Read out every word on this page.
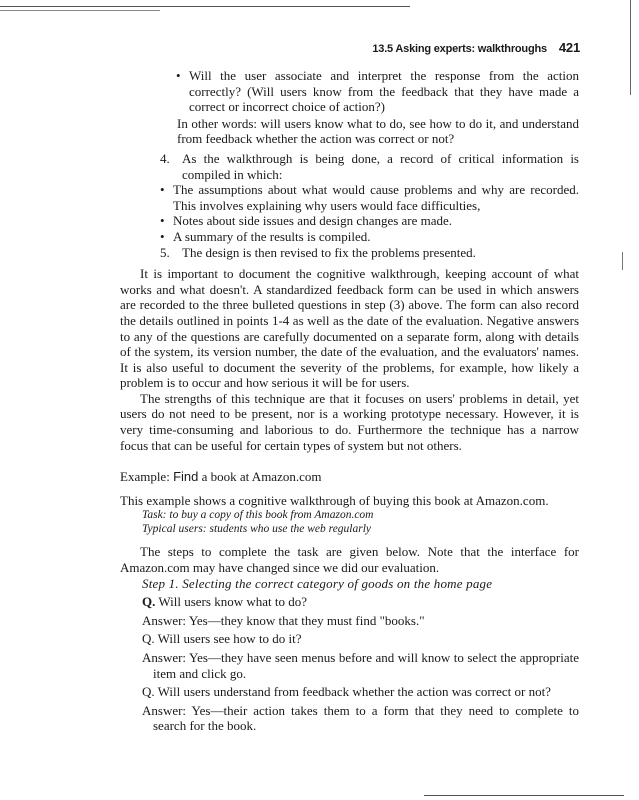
13.5 Asking experts: walkthroughs 421

• Will the user associate and interpret the response from the action correctly? (Will users know from the feedback that they have made a correct or incorrect choice of action?)

In other words: will users know what to do, see how to do it, and understand from feedback whether the action was correct or not?

4. As the walkthrough is being done, a record of critical information is compiled in which:

• The assumptions about what would cause problems and why are recorded. This involves explaining why users would face difficulties,

• Notes about side issues and design changes are made.

• A summary of the results is compiled.

5. The design is then revised to fix the problems presented.

It is important to document the cognitive walkthrough, keeping account of what works and what doesn't. A standardized feedback form can be used in which answers are recorded to the three bulleted questions in step (3) above. The form can also record the details outlined in points 1-4 as well as the date of the evaluation. Negative answers to any of the questions are carefully documented on a separate form, along with details of the system, its version number, the date of the evaluation, and the evaluators' names. It is also useful to document the severity of the problems, for example, how likely a problem is to occur and how serious it will be for users.

The strengths of this technique are that it focuses on users' problems in detail, yet users do not need to be present, nor is a working prototype necessary. However, it is very time-consuming and laborious to do. Furthermore the technique has a narrow focus that can be useful for certain types of system but not others.

Example: Find a book at Amazon.com

This example shows a cognitive walkthrough of buying this book at Amazon.com.

Task: to buy a copy of this book from Amazon.com

Typical users: students who use the web regularly

The steps to complete the task are given below. Note that the interface for Amazon.com may have changed since we did our evaluation.

Step 1. Selecting the correct category of goods on the home page

Q. Will users know what to do?

Answer: Yes—they know that they must find "books."

Q. Will users see how to do it?

Answer: Yes—they have seen menus before and will know to select the appropriate item and click go.

Q. Will users understand from feedback whether the action was correct or not?

Answer: Yes—their action takes them to a form that they need to complete to search for the book.
